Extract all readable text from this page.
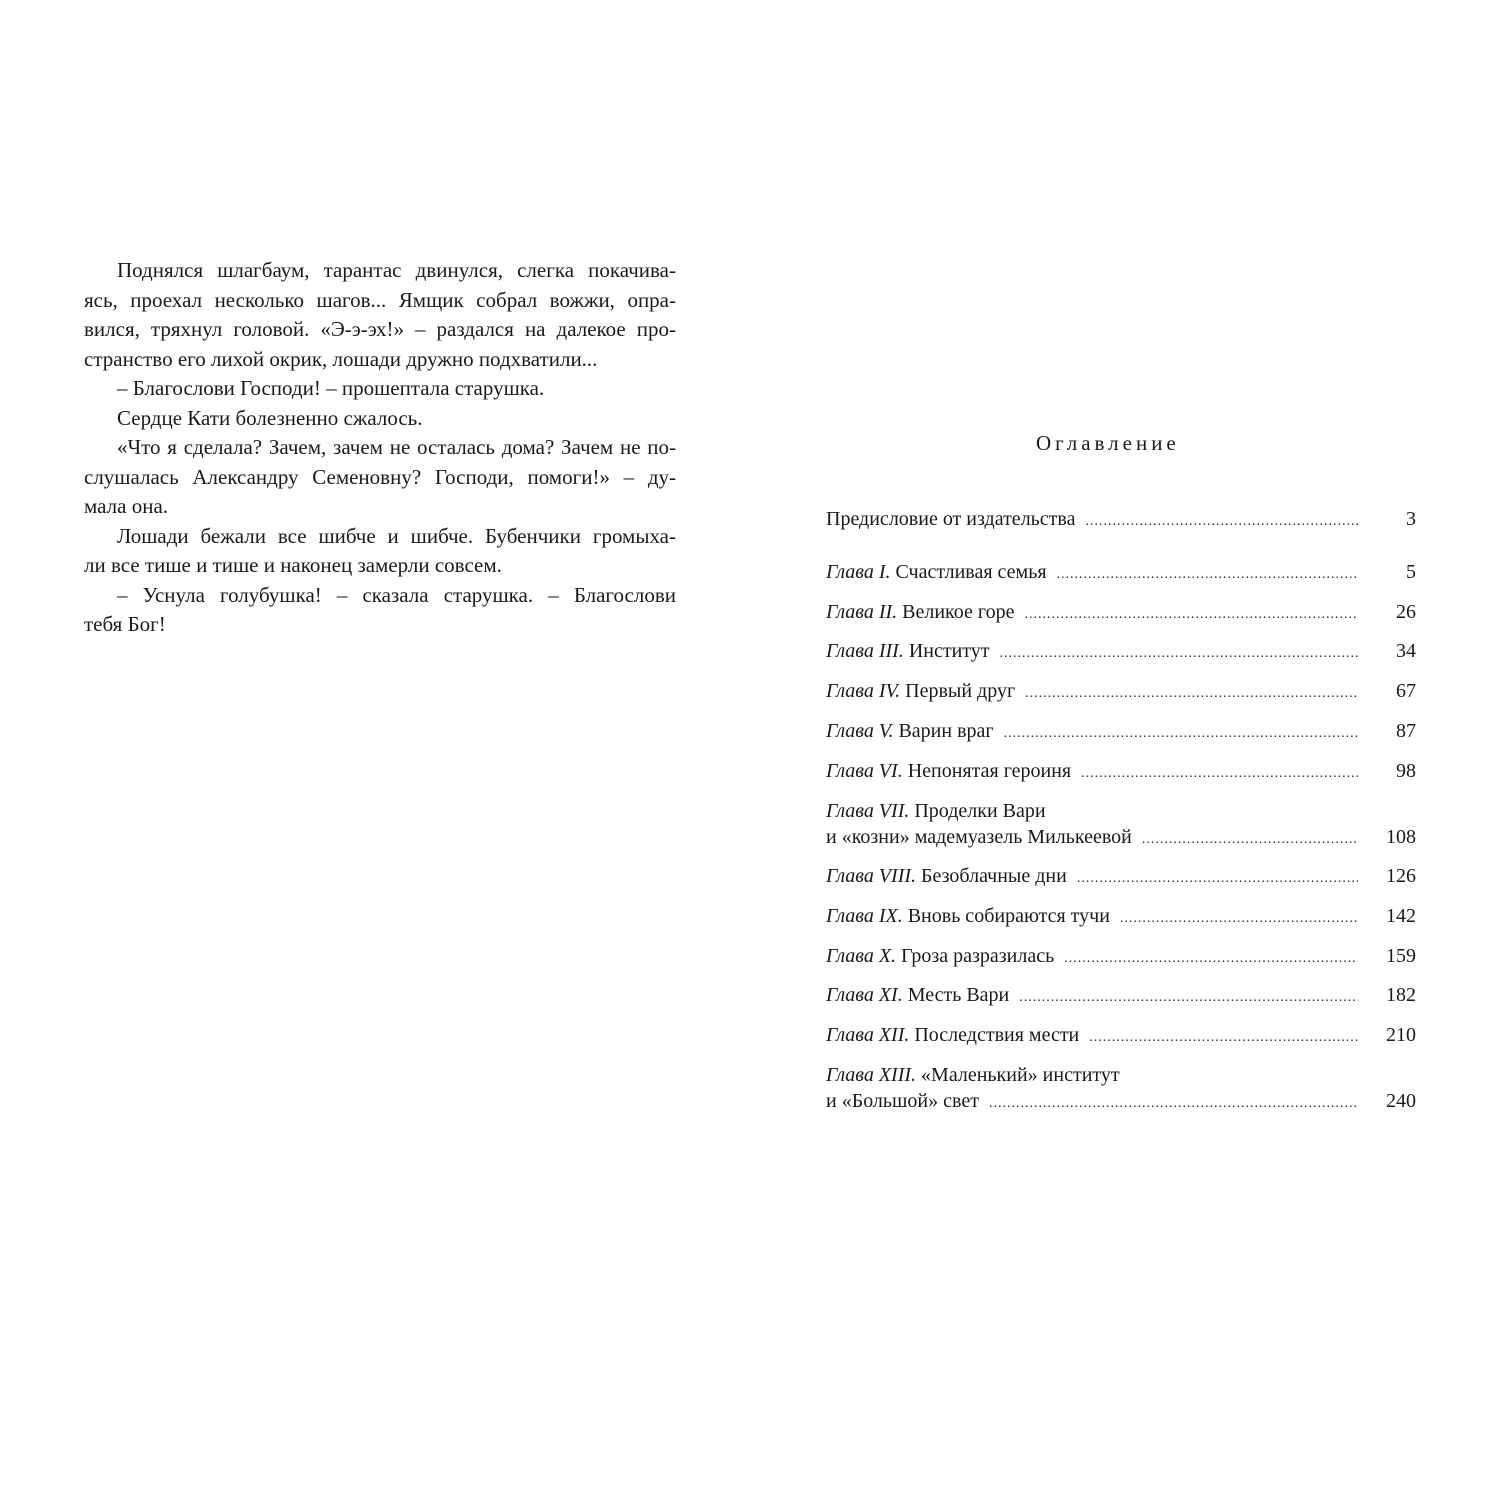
Поднялся шлагбаум, тарантас двинулся, слегка покачива-
ясь, проехал несколько шагов... Ямщик собрал вожжи, опра-
вился, тряхнул головой. «Э-э-эх!» – раздался на далекое про-
странство его лихой окрик, лошади дружно подхватили...
– Благослови Господи! – прошептала старушка.
Сердце Кати болезненно сжалось.
«Что я сделала? Зачем, зачем не осталась дома? Зачем не по-
слушалась Александру Семеновну? Господи, помоги!» – ду-
мала она.
Лошади бежали все шибче и шибче. Бубенчики громыха-
ли все тише и тише и наконец замерли совсем.
– Уснула голубушка! – сказала старушка. – Благослови
тебя Бог!
Оглавление
Предисловие от издательства .....	3
Глава I. Счастливая семья .....	5
Глава II. Великое горе .....	26
Глава III. Институт .....	34
Глава IV. Первый друг .....	67
Глава V. Варин враг .....	87
Глава VI. Непонятая героиня .....	98
Глава VII. Проделки Вари
и «козни» мадемуазель Милькеевой .....	108
Глава VIII. Безоблачные дни .....	126
Глава IX. Вновь собираются тучи .....	142
Глава X. Гроза разразилась .....	159
Глава XI. Месть Вари .....	182
Глава XII. Последствия мести .....	210
Глава XIII. «Маленький» институт
и «Большой» свет .....	240
